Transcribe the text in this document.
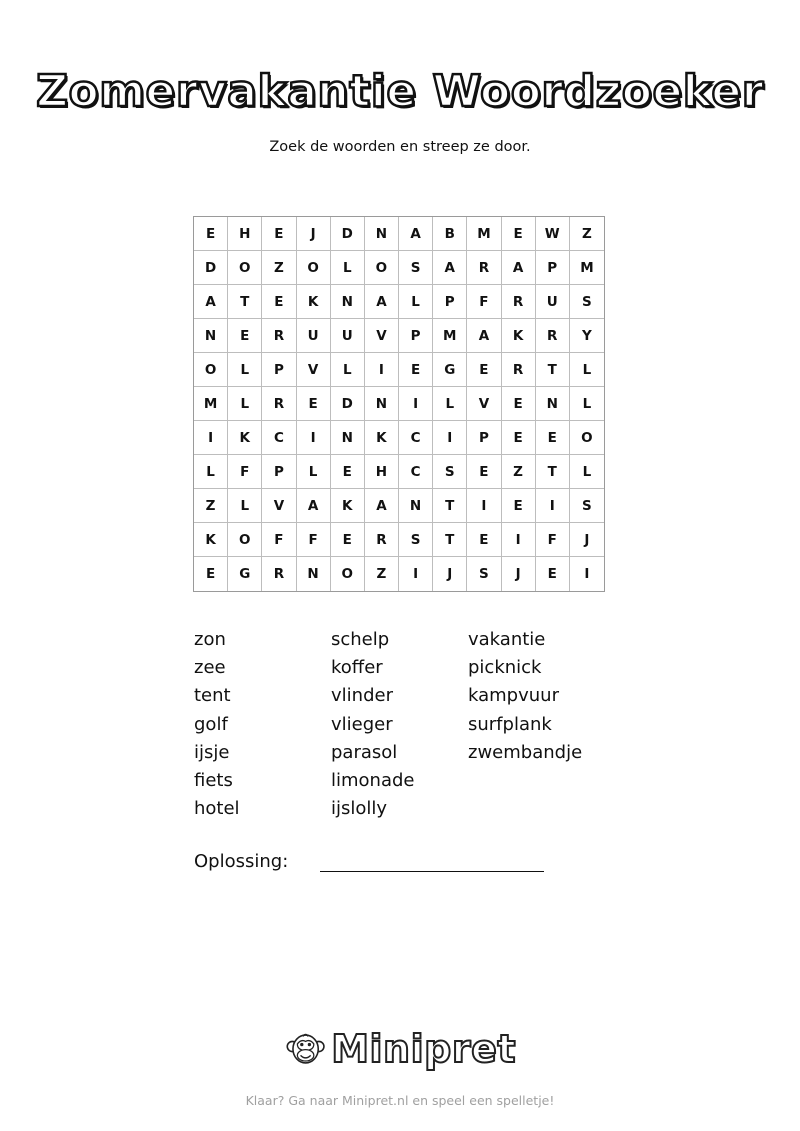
Zomervakantie Woordzoeker
Zoek de woorden en streep ze door.
E	H	E	J	D	N	A	B	M	E	W	Z
D	O	Z	O	L	O	S	A	R	A	P	M
A	T	E	K	N	A	L	P	F	R	U	S
N	E	R	U	U	V	P	M	A	K	R	Y
O	L	P	V	L	I	E	G	E	R	T	L
M	L	R	E	D	N	I	L	V	E	N	L
I	K	C	I	N	K	C	I	P	E	E	O
L	F	P	L	E	H	C	S	E	Z	T	L
Z	L	V	A	K	A	N	T	I	E	I	S
K	O	F	F	E	R	S	T	E	I	F	J
E	G	R	N	O	Z	I	J	S	J	E	I
zon
zee
tent
golf
ijsje
fiets
hotel
schelp
koffer
vlinder
vlieger
parasol
limonade
ijslolly
vakantie
picknick
kampvuur
surfplank
zwembandje
Oplossing:
Minipret
Klaar? Ga naar Minipret.nl en speel een spelletje!
